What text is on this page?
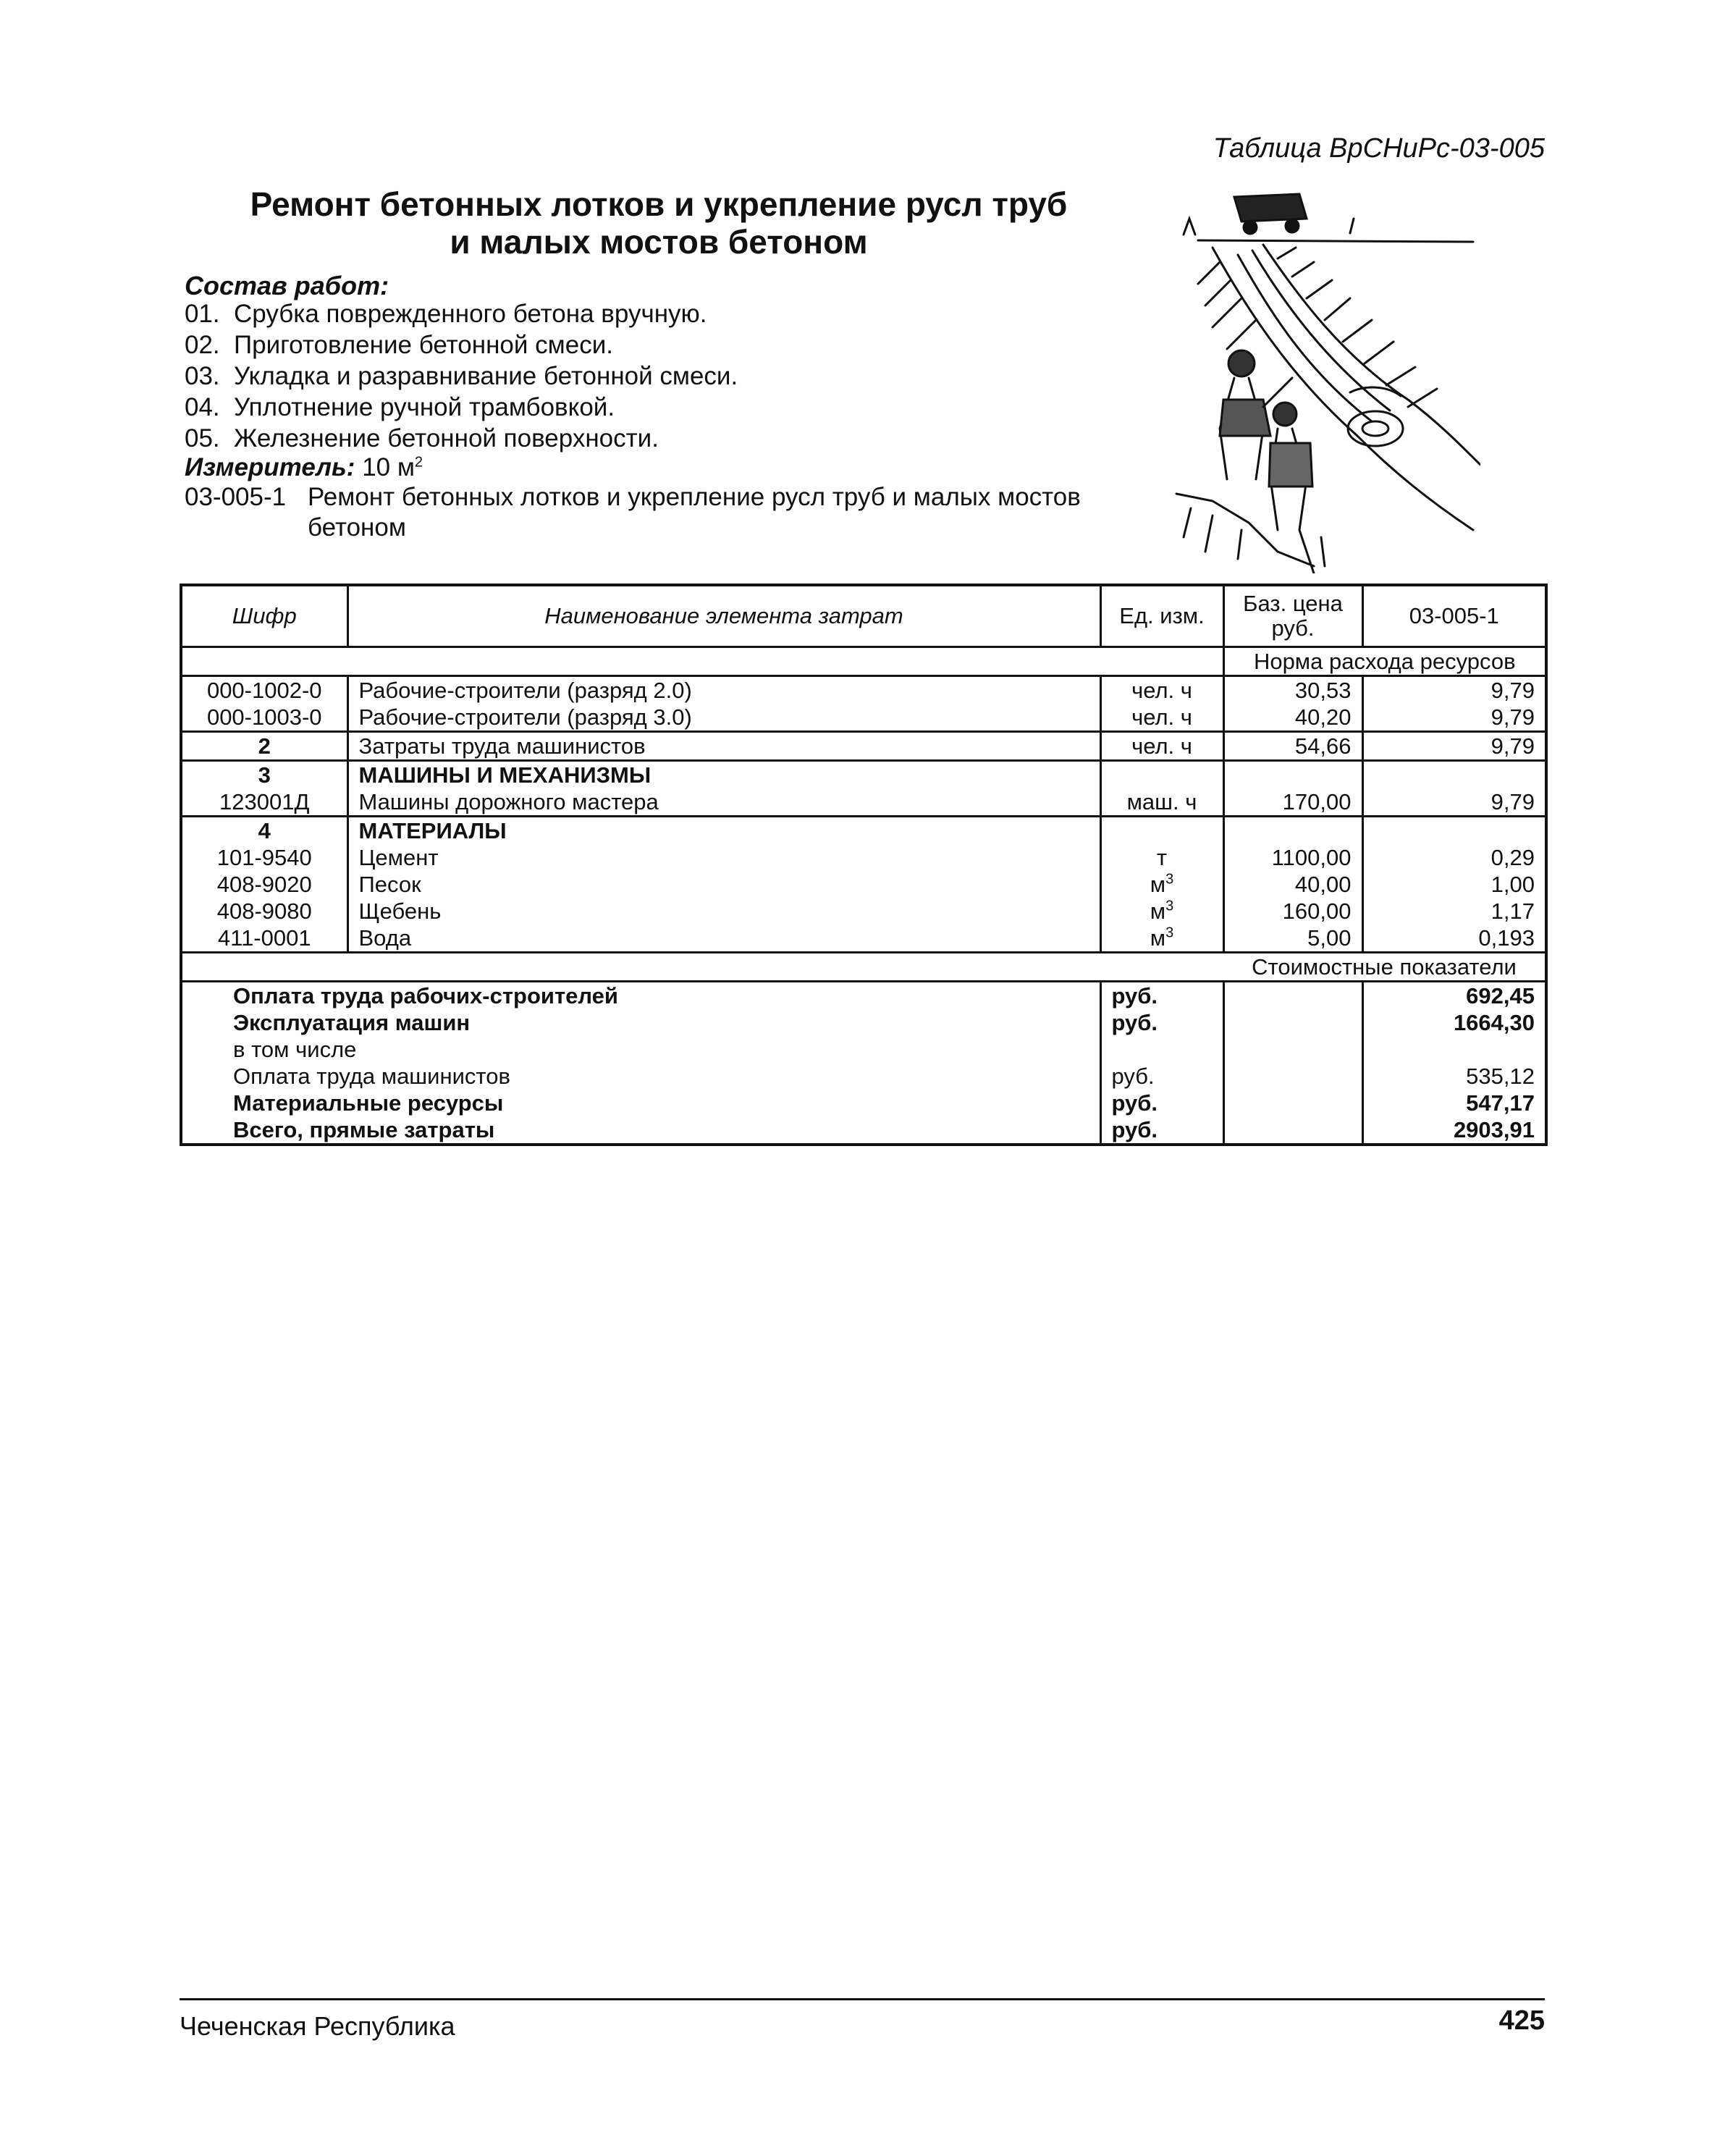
Таблица ВрСНиРс-03-005
Ремонт бетонных лотков и укрепление русл труб
и малых мостов бетоном
Состав работ:
01. Срубка поврежденного бетона вручную.
02. Приготовление бетонной смеси.
03. Укладка и разравнивание бетонной смеси.
04. Уплотнение ручной трамбовкой.
05. Железнение бетонной поверхности.
Измеритель: 10 $м^2$
03-005-1 Ремонт бетонных лотков и укрепление русл труб и малых мостов бетоном
Шифр	Наименование элемента затрат	Ед. изм.	Баз. цена руб.	03-005-1
			Норма расхода ресурсов	
000-1002-0	Рабочие-строители (разряд 2.0)	чел. ч	30,53	9,79
000-1003-0	Рабочие-строители (разряд 3.0)	чел. ч	40,20	9,79
2	Затраты труда машинистов	чел. ч	54,66	9,79
3	МАШИНЫ И МЕХАНИЗМЫ			
123001Д	Машины дорожного мастера	маш. ч	170,00	9,79
4	МАТЕРИАЛЫ			
101-9540	Цемент	т	1100,00	0,29
408-9020	Песок	$м^3$	40,00	1,00
408-9080	Щебень	$м^3$	160,00	1,17
411-0001	Вода	$м^3$	5,00	0,193
			Стоимостные показатели	
Оплата труда рабочих-строителей		руб.		692,45
Эксплуатация машин		руб.		1664,30
в том числе				
Оплата труда машинистов		руб.		535,12
Материальные ресурсы		руб.		547,17
Всего, прямые затраты		руб.		2903,91
Чеченская Республика	425
